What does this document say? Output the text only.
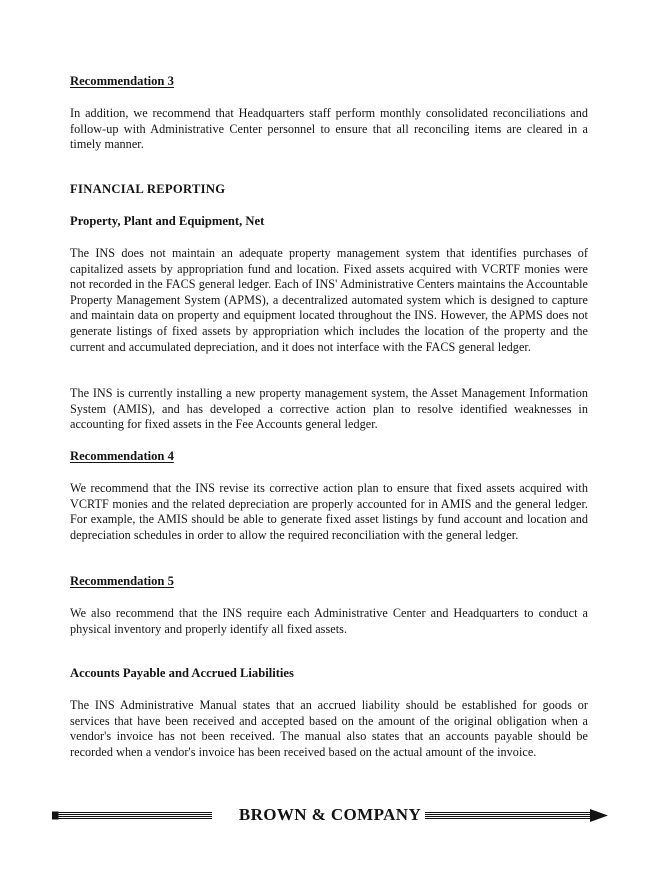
Recommendation 3

In addition, we recommend that Headquarters staff perform monthly consolidated reconciliations and follow-up with Administrative Center personnel to ensure that all reconciling items are cleared in a timely manner.

FINANCIAL REPORTING

Property, Plant and Equipment, Net

The INS does not maintain an adequate property management system that identifies purchases of capitalized assets by appropriation fund and location. Fixed assets acquired with VCRTF monies were not recorded in the FACS general ledger. Each of INS' Administrative Centers maintains the Accountable Property Management System (APMS), a decentralized automated system which is designed to capture and maintain data on property and equipment located throughout the INS. However, the APMS does not generate listings of fixed assets by appropriation which includes the location of the property and the current and accumulated depreciation, and it does not interface with the FACS general ledger.

The INS is currently installing a new property management system, the Asset Management Information System (AMIS), and has developed a corrective action plan to resolve identified weaknesses in accounting for fixed assets in the Fee Accounts general ledger.

Recommendation 4

We recommend that the INS revise its corrective action plan to ensure that fixed assets acquired with VCRTF monies and the related depreciation are properly accounted for in AMIS and the general ledger. For example, the AMIS should be able to generate fixed asset listings by fund account and location and depreciation schedules in order to allow the required reconciliation with the general ledger.

Recommendation 5

We also recommend that the INS require each Administrative Center and Headquarters to conduct a physical inventory and properly identify all fixed assets.

Accounts Payable and Accrued Liabilities

The INS Administrative Manual states that an accrued liability should be established for goods or services that have been received and accepted based on the amount of the original obligation when a vendor's invoice has not been received. The manual also states that an accounts payable should be recorded when a vendor's invoice has been received based on the actual amount of the invoice.

BROWN & COMPANY
